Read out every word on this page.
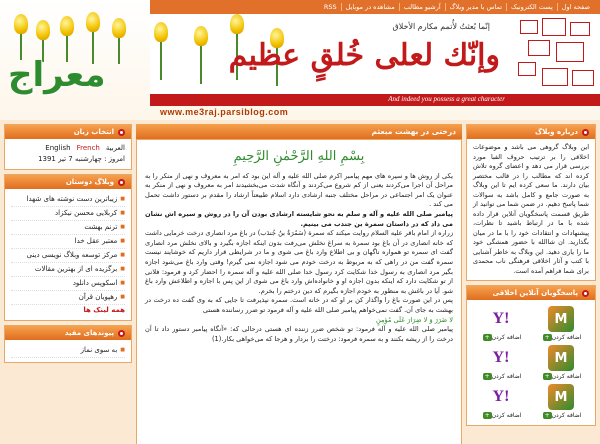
إنّما بُعثتُ لأُتمم مكارم الأخلاق
وإنّك لعلی خُلقٍ عظیم
And indeed you possess a great character
www.me3raj.parsiblog.com
معراج
صفحه اول
پست الکترونیک
تماس با مدیر وبلاگ
آرشیو مطالب
مشاهده در موبایل
RSS
انتخاب زبان
العربیة
French
English
امروز : چهارشنبه 7 تیر 1391
وبلاگ دوستان
■ زیباترین دست نوشته های شهدا
■ کربلایی محسن نیکزاد
■ ترنم بهشت
■ معتبر عقل خدا
■ مرکز توسعه وبلاگ نویسی دینی
■ برگزیده ای از بهترین مقالات
■ اسکوپس دانلود
■ رهپویان قرآن
همه لینک ها
پیوندهای مفید
■ به سوی نماز
درختی در بهشت مبعثم
بِسْمِ اللهِ الرَّحْمٰنِ الرَّحِیمِ

یکی از روش ها و سیره های مهم پیامبر اکرم صلی الله علیه و آله این بود که امر به معروف و نهی از منکر را به مراحل آن اجرا می‌کردند یعنی از کم شروع می‌کردند و آنگاه شدت می‌بخشیدند امر به معروف و نهی از منکر به عنوان یک امر اجتماعی در مراحل مختلف جنبه ارشادی دارد اسلام طبیعتاً ارشاد را مقدم بر دستور داشت تحمل می کند .

پیامبر صلی الله علیه و آله و سلم به نحو شایسته ارشادی بودن آن را در روش و سیره اش نشان می داد که در داستان سمرة بن جندب می بینیم.

زراره از امام باقر علیه السلام روایت میکند که سمرة (سَمُرَةُ بنُ جُندَب) در باغ مرد انصاری درخت خرمایی داشت که خانه انصاری در آن باغ بود سمرة به سراغ نخلش می‌رفت بدون اینکه اجازه بگیرد و بالای نخلش مرد انصاری گفت ای سمره تو همواره ناگهان و بی اطلاع وارد باغ می شوی و ما در شرایطی قرار داریم که خوشایند نیست سمره گفت من در راهی که به مربوط به درخت خودم می شود اجازه نمی گیرم! وقتی وارد باغ می‌شود اجازه بگیر مرد انصاری به رسول خدا شکایت کرد رسول خدا صلی الله علیه و آله سمره را احضار کرد و فرمود: فلانی از تو شکایت دارد که اینکه بدون اجازه او و خانواده‌اش وارد باغ می شوی از این پس با اجازه و اطلاعش وارد باغ شو. آیا در باغش به منظور به خودم اجازه بگیرم که دین درختم را بخرم.

پس در این صورت باغ را واگذار کن بر او که در خانه است. سمره نپذیرفت تا جایی که به وی گفت ده درخت در بهشت به جای آن. گفت نمی‌خواهم پیامبر صلی الله علیه و آله فرمود تو ضرر رساننده هستی

لا ضَرَرَ وَ لا ضِرَارَ عَلَی مُؤمِنٍ

پیامبر صلی الله علیه و آله فرمود: تو شخص ضرر زننده ای هستی درحالی که: «آنگاه پیامبر دستور داد تا آن درخت را از ریشه بکنند و به سمره فرمود: درختت را بردار و هرجا که می‌خواهی بکار.(1)

درباره وبلاگ
این وبلاگ گروهی می باشد و موضوعات اخلاقی را بر ترتیب حروف الفبا مورد بررسی قرار می دهد و اعضای گروه تلاش کرده اند که مطالب را در قالب مختصر بیان دارند. ما سعی کرده ایم تا این وبلاگ به صورت جامع و کامل باشد به سوالات شما پاسخ دهیم. در ضمن شما می توانید از طریق قسمت پاسخگویان آنلاین قرار داده شده با ما در ارتباط باشید تا نظرات، پیشنهادات و انتقادات خود را با ما در میان بگذارید. ان شاالله با حضور همشگی خود ما را یاری دهید. این وبلاگ به خاطر آشنایی با کتب و آثار اخلاقی فرهنگی ناب محمدی برای شما فراهم آمده است.
پاسخگویان آنلاین اخلاقی
Y!
+ اضافه کردن
M
+ اضافه کردن
Y!
+ اضافه کردن
M
+ اضافه کردن
Y!
+ اضافه کردن
M
+ اضافه کردن
